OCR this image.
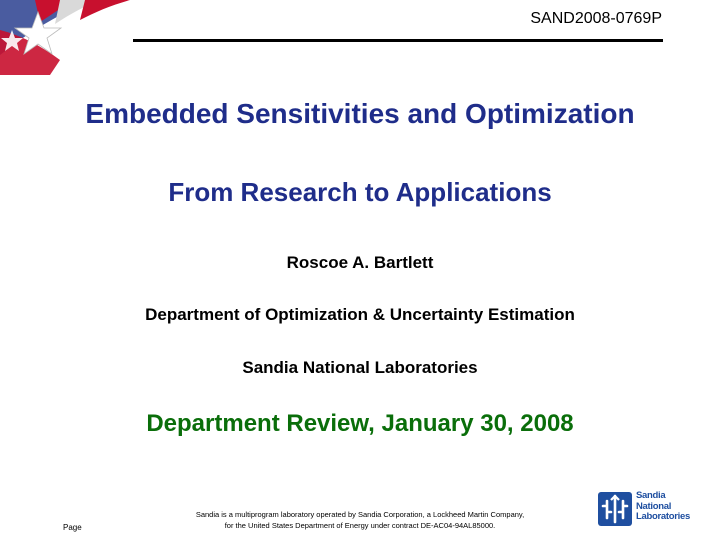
SAND2008-0769P
Embedded Sensitivities and Optimization
From Research to Applications
Roscoe A. Bartlett
Department of Optimization & Uncertainty Estimation
Sandia National Laboratories
Department Review, January 30, 2008
Page
Sandia is a multiprogram laboratory operated by Sandia Corporation, a Lockheed Martin Company,
for the United States Department of Energy under contract DE-AC04-94AL85000.
Sandia
National
Laboratories
